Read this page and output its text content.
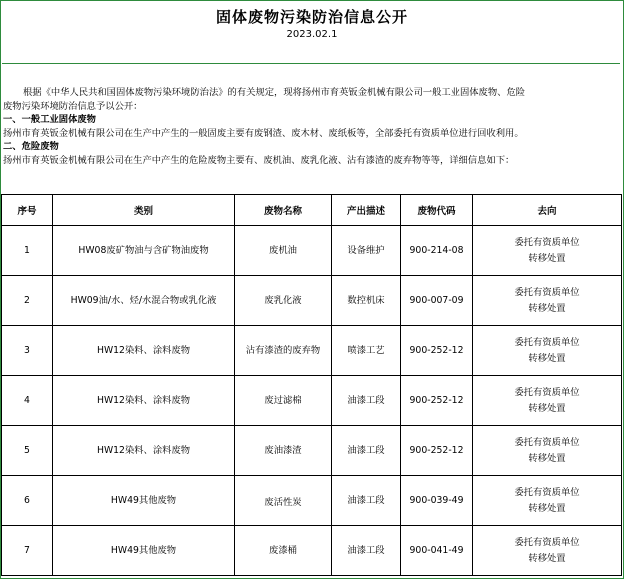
固体废物污染防治信息公开
2023.02.1

根据《中华人民共和国固体废物污染环境防治法》的有关规定，现将扬州市育英钣金机械有限公司一般工业固体废物、危险

废物污染环境防治信息予以公开：

一、一般工业固体废物

扬州市育英钣金机械有限公司在生产中产生的一般固废主要有废钢渣、废木材、废纸板等，全部委托有资质单位进行回收利用。

二、危险废物

扬州市育英钣金机械有限公司在生产中产生的危险废物主要有、废机油、废乳化液、沾有漆渣的废弃物等等，详细信息如下：

序号	类别	废物名称	产出描述	废物代码	去向
1	HW08废矿物油与含矿物油废物	废机油	设备维护	900-214-08	委托有资质单位
转移处置

2	HW09油/水、烃/水混合物或乳化液	废乳化液	数控机床	900-007-09	委托有资质单位
转移处置

3	HW12染料、涂料废物	沾有漆渣的废弃物	喷漆工艺	900-252-12	委托有资质单位
转移处置

4	HW12染料、涂料废物	废过滤棉	油漆工段	900-252-12	委托有资质单位
转移处置

5	HW12染料、涂料废物	废油漆渣	油漆工段	900-252-12	委托有资质单位
转移处置

6	HW49其他废物	废活性炭	油漆工段	900-039-49	委托有资质单位
转移处置

7	HW49其他废物	废漆桶	油漆工段	900-041-49	委托有资质单位
转移处置
